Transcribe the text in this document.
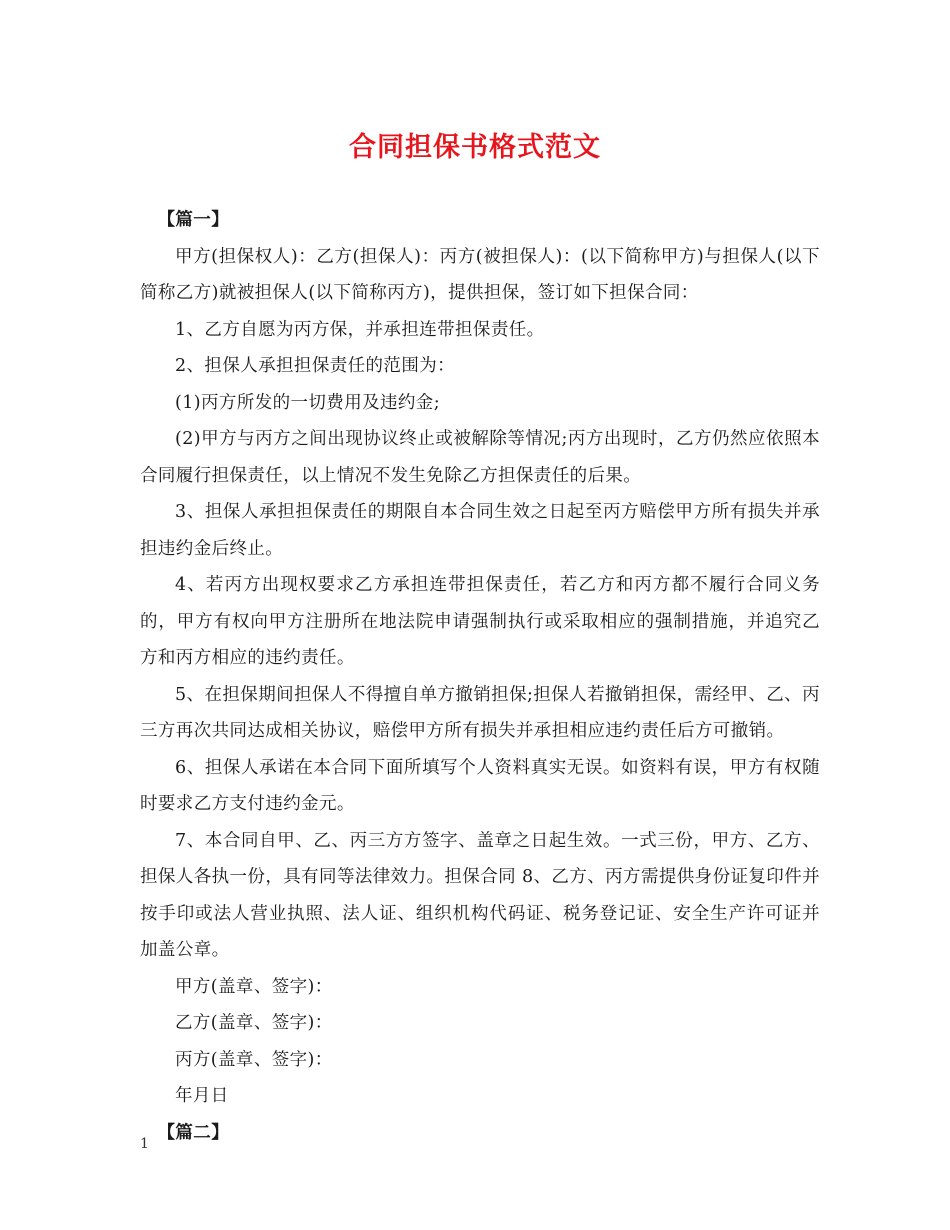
合同担保书格式范文

【篇一】

甲方(担保权人)：乙方(担保人)：丙方(被担保人)：(以下简称甲方)与担保人(以下简称乙方)就被担保人(以下简称丙方)，提供担保，签订如下担保合同：

1、乙方自愿为丙方保，并承担连带担保责任。

2、担保人承担担保责任的范围为：

(1)丙方所发的一切费用及违约金;

(2)甲方与丙方之间出现协议终止或被解除等情况;丙方出现时，乙方仍然应依照本合同履行担保责任，以上情况不发生免除乙方担保责任的后果。

3、担保人承担担保责任的期限自本合同生效之日起至丙方赔偿甲方所有损失并承担违约金后终止。

4、若丙方出现权要求乙方承担连带担保责任，若乙方和丙方都不履行合同义务的，甲方有权向甲方注册所在地法院申请强制执行或采取相应的强制措施，并追究乙方和丙方相应的违约责任。

5、在担保期间担保人不得擅自单方撤销担保;担保人若撤销担保，需经甲、乙、丙三方再次共同达成相关协议，赔偿甲方所有损失并承担相应违约责任后方可撤销。

6、担保人承诺在本合同下面所填写个人资料真实无误。如资料有误，甲方有权随时要求乙方支付违约金元。

7、本合同自甲、乙、丙三方方签字、盖章之日起生效。一式三份，甲方、乙方、担保人各执一份，具有同等法律效力。担保合同 8、乙方、丙方需提供身份证复印件并按手印或法人营业执照、法人证、组织机构代码证、税务登记证、安全生产许可证并加盖公章。

甲方(盖章、签字)：

乙方(盖章、签字)：

丙方(盖章、签字)：

年月日

【篇二】

1
